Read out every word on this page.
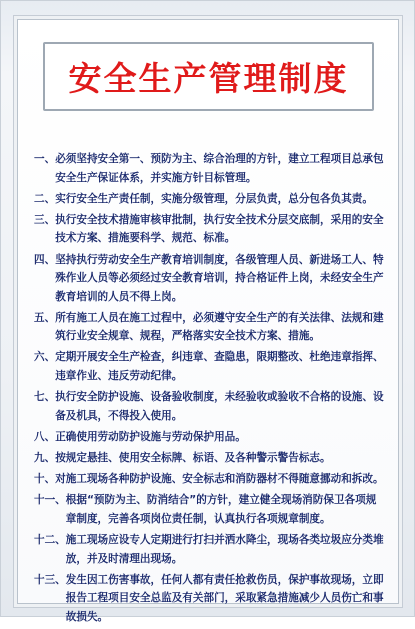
安全生产管理制度
一、 必须坚持安全第一、预防为主、综合治理的方针，建立工程项目总承包安全生产保证体系，并实施方针目标管理。
二、 实行安全生产责任制，实施分级管理，分层负责，总分包各负其责。
三、 执行安全技术措施审核审批制，执行安全技术分层交底制，采用的安全技术方案、措施要科学、规范、标准。
四、 坚持执行劳动安全生产教育培训制度，各级管理人员、新进场工人、特殊作业人员等必须经过安全教育培训，持合格证件上岗，未经安全生产教育培训的人员不得上岗。
五、 所有施工人员在施工过程中，必须遵守安全生产的有关法律、法规和建筑行业安全规章、规程，严格落实安全技术方案、措施。
六、 定期开展安全生产检查，纠违章、查隐患，限期整改、杜绝违章指挥、违章作业、违反劳动纪律。
七、 执行安全防护设施、设备验收制度，未经验收或验收不合格的设施、设备及机具，不得投入使用。
八、 正确使用劳动防护设施与劳动保护用品。
九、 按规定悬挂、使用安全标牌、标语、及各种警示警告标志。
十、 对施工现场各种防护设施、安全标志和消防器材不得随意挪动和拆改。
十一、 根据“预防为主、防消结合”的方针，建立健全现场消防保卫各项规章制度，完善各项岗位责任制，认真执行各项规章制度。
十二、 施工现场应设专人定期进行打扫并洒水降尘，现场各类垃圾应分类堆放，并及时清理出现场。
十三、 发生因工伤害事故，任何人都有责任抢救伤员，保护事故现场，立即报告工程项目安全总监及有关部门，采取紧急措施减少人员伤亡和事故损失。
